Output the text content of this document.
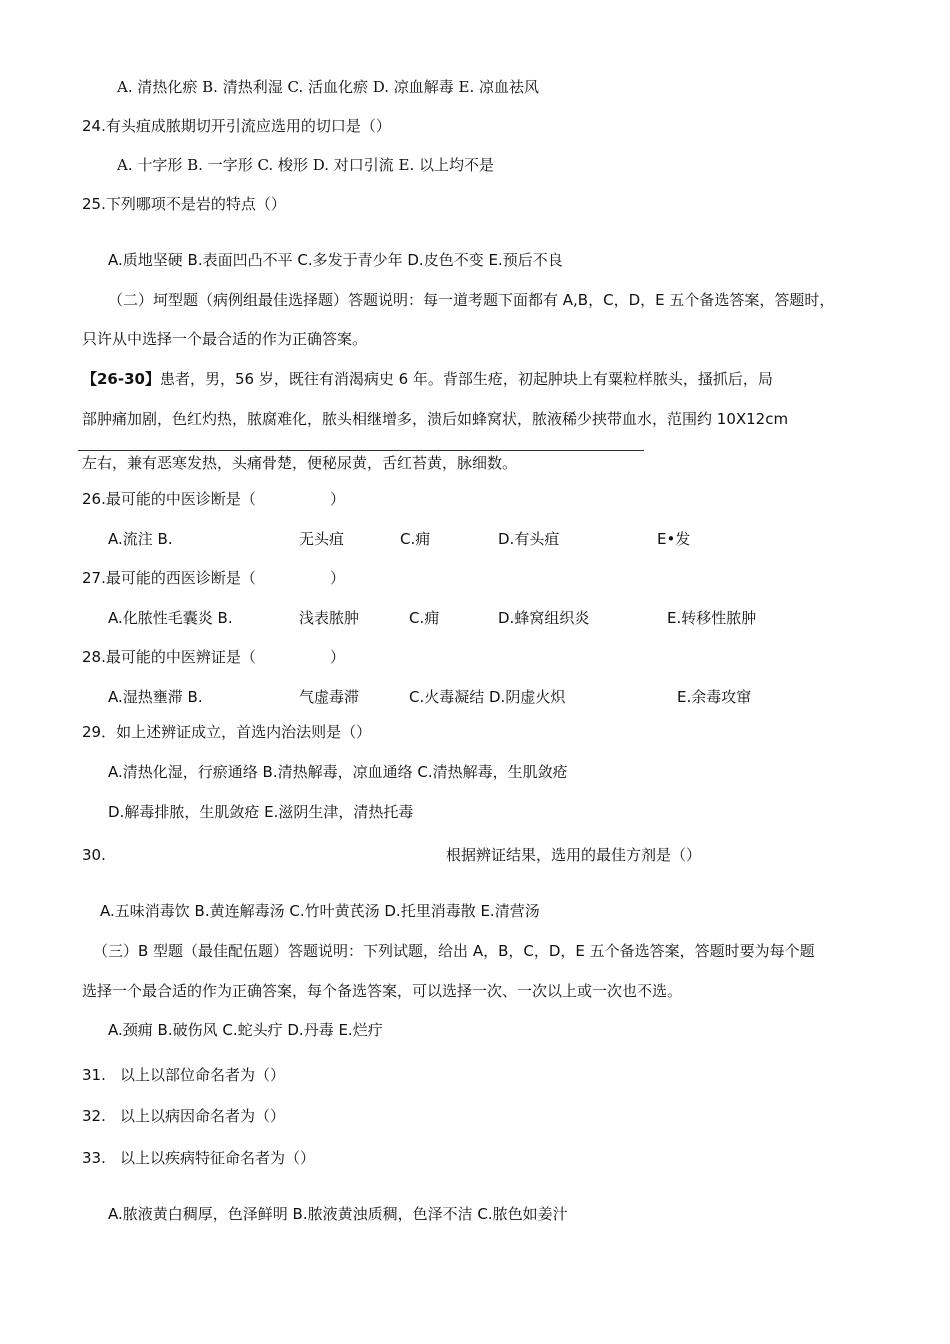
A. 清热化瘀 B. 清热利湿 C. 活血化瘀 D. 凉血解毒 E. 凉血祛风
24.有头疽成脓期切开引流应选用的切口是（）
A. 十字形 B. 一字形 C. 梭形 D. 对口引流 E. 以上均不是
25.下列哪项不是岩的特点（）
A.质地坚硬 B.表面凹凸不平 C.多发于青少年 D.皮色不变 E.预后不良
（二）坷型题（病例组最佳选择题）答题说明：每一道考题下面都有 A,B，C，D，E 五个备选答案，答题时，
只许从中选择一个最合适的作为正确答案。
【26-30】患者，男，56 岁，既往有消渴病史 6 年。背部生疮，初起肿块上有粟粒样脓头，搔抓后，局
部肿痛加剧，色红灼热，脓腐难化，脓头相继增多，溃后如蜂窝状，脓液稀少挟带血水，范围约 10X12cm
左右，兼有恶寒发热，头痛骨楚，便秘尿黄，舌红苔黄，脉细数。
26.最可能的中医诊断是（	）
A.流注 B.	无头疽	C.痈	D.有头疽	E•发
27.最可能的西医诊断是（	）
A.化脓性毛囊炎 B.	浅表脓肿	C.痈	D.蜂窝组织炎	E.转移性脓肿
28.最可能的中医辨证是（	）
A.湿热壅滞 B.	气虚毒滞	C.火毒凝结 D.阴虚火炽	E.余毒攻窜
29．如上述辨证成立，首选内治法则是（）
A.清热化湿，行瘀通络 B.清热解毒，凉血通络 C.清热解毒，生肌敛疮
D.解毒排脓，生肌敛疮 E.滋阴生津，清热托毒
30.	根据辨证结果，选用的最佳方剂是（）
A.五味消毒饮 B.黄连解毒汤 C.竹叶黄芪汤 D.托里消毒散 E.清营汤
（三）B 型题（最佳配伍题）答题说明：下列试题，给出 A，B，C，D，E 五个备选答案，答题时要为每个题
选择一个最合适的作为正确答案，每个备选答案，可以选择一次、一次以上或一次也不选。
A.颈痈 B.破伤风 C.蛇头疔 D.丹毒 E.烂疔
31. 以上以部位命名者为（）
32. 以上以病因命名者为（）
33. 以上以疾病特征命名者为（）
A.脓液黄白稠厚，色泽鲜明 B.脓液黄浊质稠，色泽不洁 C.脓色如姜汁
